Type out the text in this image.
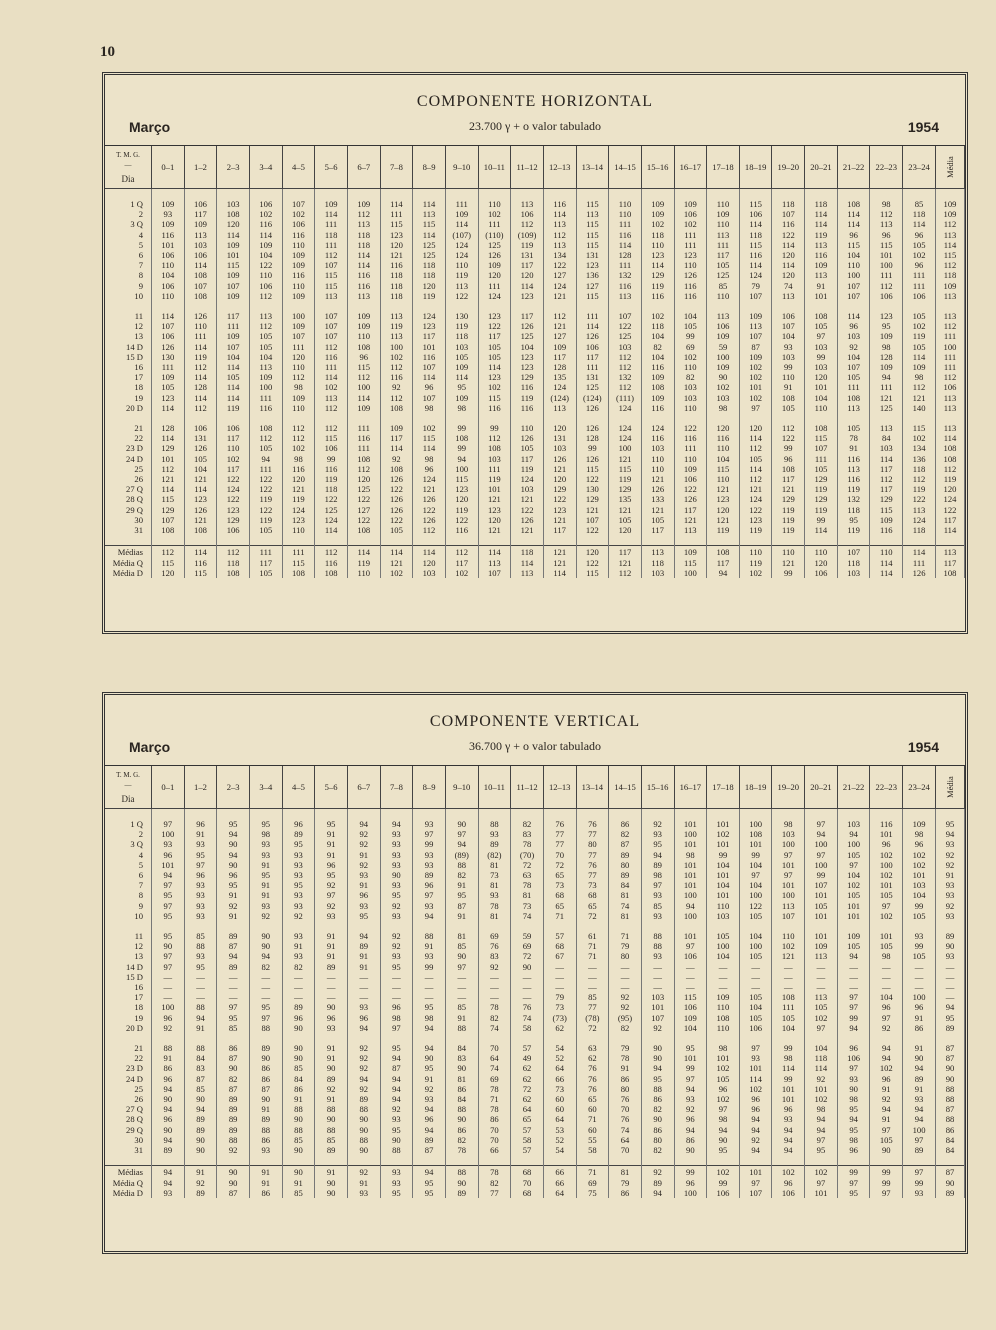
10
COMPONENTE HORIZONTAL
Março	23.700 γ + o valor tabulado	1954
T. M. G.
—
Dia	0–1	1–2	2–3	3–4	4–5	5–6	6–7	7–8	8–9	9–10	10–11	11–12	12–13	13–14	14–15	15–16	16–17	17–18	18–19	19–20	20–21	21–22	22–23	23–24	Média

1 Q	109	106	103	106	107	109	109	114	114	111	110	113	116	115	110	109	109	110	115	118	118	108	98	85	109
2	93	117	108	102	102	114	112	111	113	109	102	106	114	113	110	109	106	109	106	107	114	114	112	118	109
3 Q	109	109	120	116	106	111	113	115	115	114	111	112	113	115	111	102	102	110	114	116	114	114	113	114	112
4	116	113	114	114	116	118	118	123	114	(107)	(110)	(109)	112	115	116	118	111	113	118	122	119	96	96	96	113
5	101	103	109	109	110	111	118	120	125	124	125	119	113	115	114	110	111	111	115	114	113	115	115	105	114
6	106	106	101	104	109	112	114	121	125	124	126	131	134	131	128	123	123	117	116	120	116	104	101	102	115
7	110	114	115	122	109	107	114	116	118	110	109	117	122	123	111	114	110	105	114	114	109	110	100	96	112
8	104	108	109	110	116	115	116	118	118	119	120	120	127	136	132	129	126	125	124	120	113	100	111	111	118
9	106	107	107	106	110	115	116	118	120	113	111	114	124	127	116	119	116	85	79	74	91	107	112	111	109
10	110	108	109	112	109	113	113	118	119	122	124	123	121	115	113	116	116	110	107	113	101	107	106	106	113

11	114	126	117	113	100	107	109	113	124	130	123	117	112	111	107	102	104	113	109	106	108	114	123	105	113
12	107	110	111	112	109	107	109	119	123	119	122	126	121	114	122	118	105	106	113	107	105	96	95	102	112
13	106	111	109	105	107	107	110	113	117	118	117	125	127	126	125	104	99	109	107	104	97	103	109	119	111
14 D	126	114	107	105	111	112	108	100	101	103	105	104	109	106	103	82	69	59	87	93	103	92	98	105	100
15 D	130	119	104	104	120	116	96	102	116	105	105	123	117	117	112	104	102	100	109	103	99	104	128	114	111
16	111	112	114	113	110	111	115	112	107	109	114	123	128	111	112	116	110	109	102	99	103	107	109	109	111
17	109	114	105	109	112	114	112	116	114	114	123	129	135	131	132	109	82	90	102	110	120	105	94	98	112
18	105	128	114	100	98	102	100	92	96	95	102	116	124	125	112	108	103	102	101	91	101	111	111	112	106
19	123	114	114	111	109	113	114	112	107	109	115	119	(124)	(124)	(111)	109	103	103	102	108	104	108	121	121	113
20 D	114	112	119	116	110	112	109	108	98	98	116	116	113	126	124	116	110	98	97	105	110	113	125	140	113

21	128	106	106	108	112	112	111	109	102	99	99	110	120	126	124	124	122	120	120	112	108	105	113	115	113
22	114	131	117	112	112	115	116	117	115	108	112	126	131	128	124	116	116	116	114	122	115	78	84	102	114
23 D	129	126	110	105	102	106	111	114	114	99	108	105	103	99	100	103	111	110	112	99	107	91	103	134	108
24 D	101	105	102	94	98	99	108	92	98	94	103	117	126	126	121	110	110	104	105	96	111	116	114	136	108
25	112	104	117	111	116	116	112	108	96	100	111	119	121	115	115	110	109	115	114	108	105	113	117	118	112
26	121	121	122	122	120	119	120	126	124	115	119	124	120	122	119	121	106	110	112	117	129	116	112	112	119
27 Q	114	114	124	122	121	118	125	122	121	123	101	103	129	130	129	126	122	121	121	121	119	119	117	119	120
28 Q	115	123	122	119	119	122	122	126	126	120	121	121	122	129	135	133	126	123	124	129	129	132	129	122	124
29 Q	129	126	123	122	124	125	127	126	122	119	123	122	123	121	121	121	117	120	122	119	119	118	115	113	122
30	107	121	129	119	123	124	122	122	126	122	120	126	121	107	105	105	121	121	123	119	99	95	109	124	117
31	108	108	106	105	110	114	108	105	112	116	121	121	117	122	120	117	113	119	119	119	114	119	116	118	114

Médias	112	114	112	111	111	112	114	114	114	112	114	118	121	120	117	113	109	108	110	110	110	107	110	114	113
Média Q	115	116	118	117	115	116	119	121	120	117	113	114	121	122	121	118	115	117	119	121	120	118	114	111	117
Média D	120	115	108	105	108	108	110	102	103	102	107	113	114	115	112	103	100	94	102	99	106	103	114	126	108
COMPONENTE VERTICAL
Março	36.700 γ + o valor tabulado	1954
T. M. G.
—
Dia	0–1	1–2	2–3	3–4	4–5	5–6	6–7	7–8	8–9	9–10	10–11	11–12	12–13	13–14	14–15	15–16	16–17	17–18	18–19	19–20	20–21	21–22	22–23	23–24	Média

1 Q	97	96	95	95	96	95	94	94	93	90	88	82	76	76	86	92	101	101	100	98	97	103	116	109	95
2	100	91	94	98	89	91	92	93	97	97	93	83	77	77	82	93	100	102	108	103	94	94	101	98	94
3 Q	93	93	90	93	95	91	92	93	99	94	89	78	77	80	87	95	101	101	101	100	100	100	96	96	93
4	96	95	94	93	93	91	91	93	93	(89)	(82)	(70)	70	77	89	94	98	99	99	97	97	105	102	102	92
5	101	97	90	91	93	96	92	93	93	88	81	72	72	76	80	89	101	104	104	101	100	97	100	102	92
6	94	96	96	95	93	95	93	90	89	82	73	63	65	77	89	98	101	101	97	97	99	104	102	101	91
7	97	93	95	91	95	92	91	93	96	91	81	78	73	73	84	97	101	104	104	101	107	102	101	103	93
8	95	93	91	91	93	97	96	95	97	95	93	81	68	68	81	93	100	101	100	100	101	105	105	104	93
9	97	93	92	93	93	92	93	92	93	87	78	73	65	65	74	85	94	110	122	113	105	101	97	99	92
10	95	93	91	92	92	93	95	93	94	91	81	74	71	72	81	93	100	103	105	107	101	101	102	105	93

11	95	85	89	90	93	91	94	92	88	81	69	59	57	61	71	88	101	105	104	110	101	109	101	93	89
12	90	88	87	90	91	91	89	92	91	85	76	69	68	71	79	88	97	100	100	102	109	105	105	99	90
13	97	93	94	94	93	91	91	93	93	90	83	72	67	71	80	93	106	104	105	121	113	94	98	105	93
14 D	97	95	89	82	82	89	91	95	99	97	92	90	—	—	—	—	—	—	—	—	—	—	—	—	—
15 D	—	—	—	—	—	—	—	—	—	—	—	—	—	—	—	—	—	—	—	—	—	—	—	—	—
16	—	—	—	—	—	—	—	—	—	—	—	—	—	—	—	—	—	—	—	—	—	—	—	—	—
17	—	—	—	—	—	—	—	—	—	—	—	—	79	85	92	103	115	109	105	108	113	97	104	100	—
18	100	88	97	95	89	90	93	96	95	85	78	76	73	77	92	101	106	110	104	111	105	97	96	96	94
19	96	94	95	97	96	96	96	98	98	91	82	74	(73)	(78)	(95)	107	109	108	105	105	102	99	97	91	95
20 D	92	91	85	88	90	93	94	97	94	88	74	58	62	72	82	92	104	110	106	104	97	94	92	86	89

21	88	88	86	89	90	91	92	95	94	84	70	57	54	63	79	90	95	98	97	99	104	96	94	91	87
22	91	84	87	90	90	91	92	94	90	83	64	49	52	62	78	90	101	101	93	98	118	106	94	90	87
23 D	86	83	90	86	85	90	92	87	95	90	74	62	64	76	91	94	99	102	101	114	114	97	102	94	90
24 D	96	87	82	86	84	89	94	94	91	81	69	62	66	76	86	95	97	105	114	99	92	93	96	89	90
25	94	85	87	87	86	92	92	94	92	86	78	72	73	76	80	88	94	96	102	101	101	90	91	91	88
26	90	90	89	90	91	91	89	94	93	84	71	62	60	65	76	86	93	102	96	101	102	98	92	93	88
27 Q	94	94	89	91	88	88	88	92	94	88	78	64	60	60	70	82	92	97	96	96	98	95	94	94	87
28 Q	96	89	89	89	90	90	90	93	96	90	86	65	64	71	76	90	96	98	94	93	94	94	91	94	88
29 Q	90	89	89	88	88	88	90	95	94	86	70	57	53	60	74	86	94	94	94	94	94	95	97	100	86
30	94	90	88	86	85	85	88	90	89	82	70	58	52	55	64	80	86	90	92	94	97	98	105	97	84
31	89	90	92	93	90	89	90	88	87	78	66	57	54	58	70	82	90	95	94	94	95	96	90	89	84

Médias	94	91	90	91	90	91	92	93	94	88	78	68	66	71	81	92	99	102	101	102	102	99	99	97	87
Média Q	94	92	90	91	91	90	91	93	95	90	82	70	66	69	79	89	96	99	97	96	97	97	99	99	90
Média D	93	89	87	86	85	90	93	95	95	89	77	68	64	75	86	94	100	106	107	106	101	95	97	93	89
